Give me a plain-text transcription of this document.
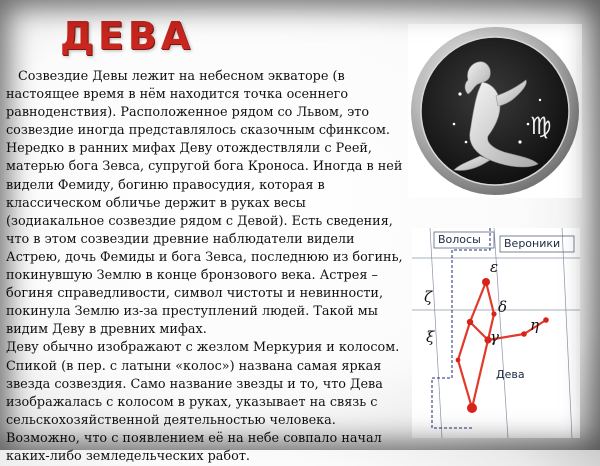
ДЕВА

Созвездие Девы лежит на небесном экваторе (в настоящее время в нём находится точка осеннего равноденствия). Расположенное рядом со Львом, это созвездие иногда представлялось сказочным сфинксом. Нередко в ранних мифах Деву отождествляли с Реей, матерью бога Зевса, супругой бога Кроноса. Иногда в ней видели Фемиду, богиню правосудия, которая в классическом обличье держит в руках весы (зодиакальное созвездие рядом с Девой). Есть сведения, что в этом созвездии древние наблюдатели видели Астрею, дочь Фемиды и бога Зевса, последнюю из богинь, покинувшую Землю в конце бронзового века. Астрея – богиня справедливости, символ чистоты и невинности, покинула Землю из-за преступлений людей. Такой мы видим Деву в древних мифах.

Деву обычно изображают с жезлом Меркурия и колосом. Спикой (в пер. с латыни «колос») названа самая яркая звезда созвездия. Само название звезды и то, что Дева изображалась с колосом в руках, указывает на связь с сельскохозяйственной деятельностью человека. Возможно, что с появлением её на небе совпало начал каких-либо земледельческих работ.

♍
Волосы Вероники
Дева
ε
ζ
δ
η
γ
ξ
